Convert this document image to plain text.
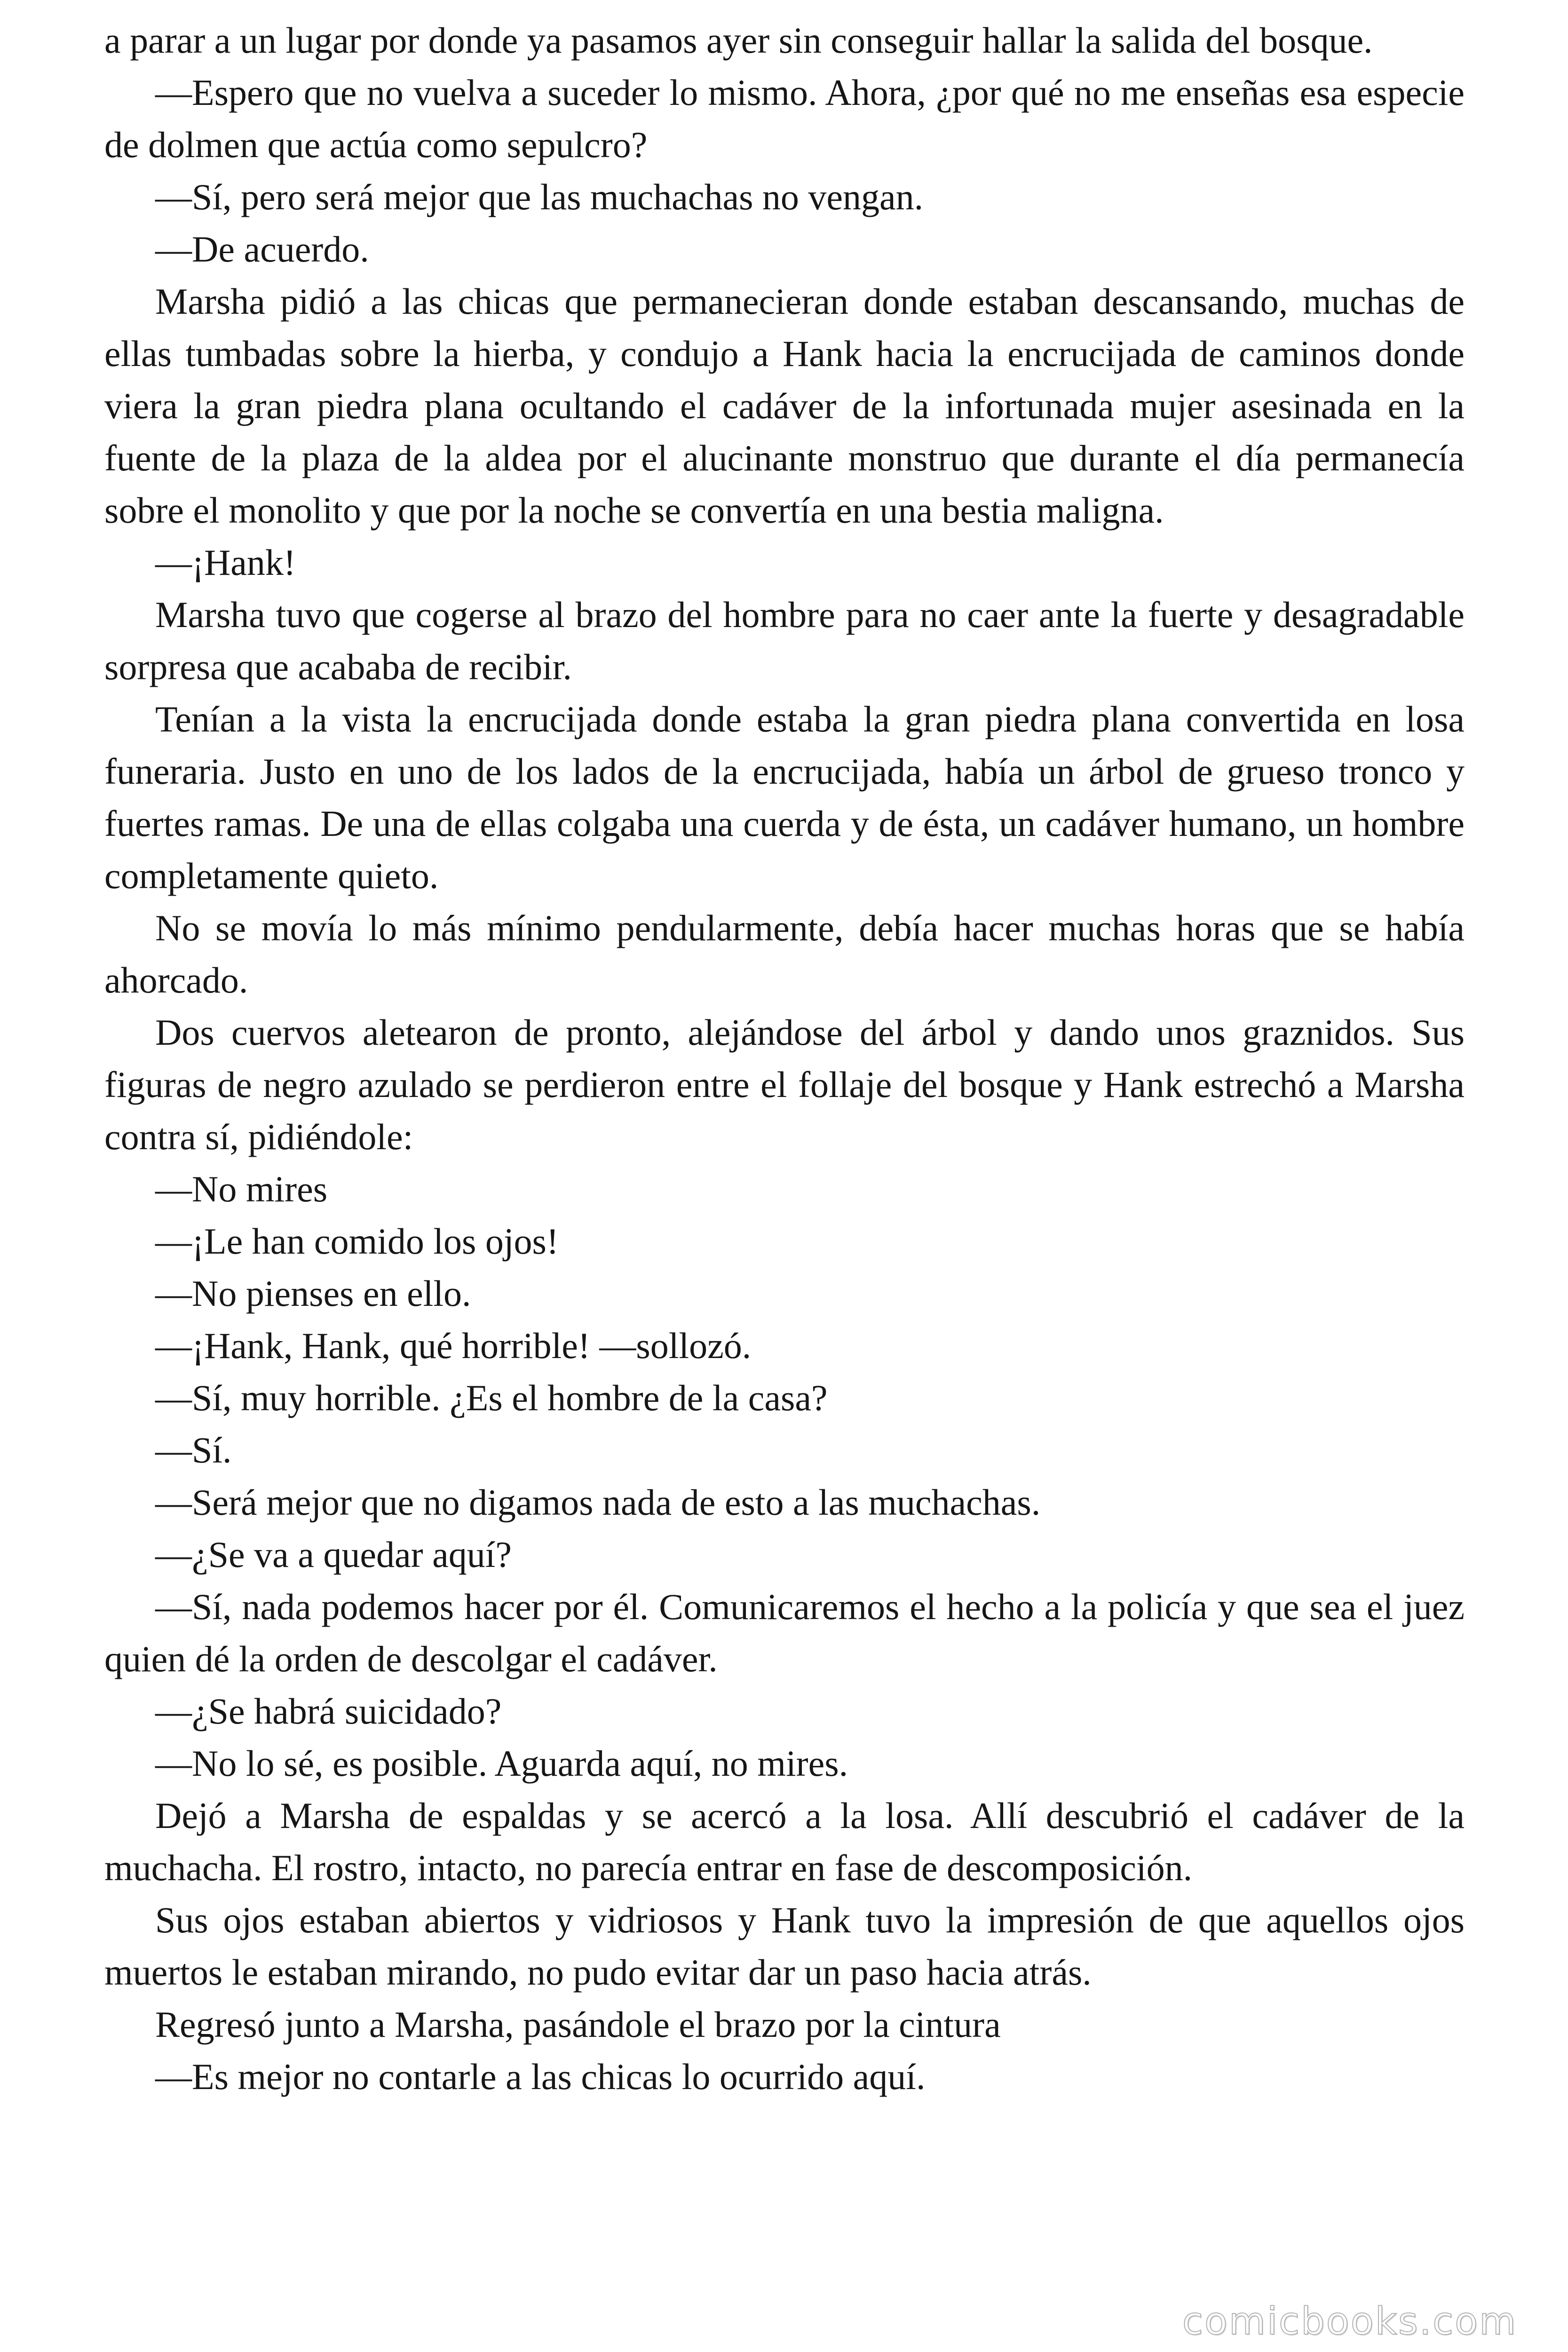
a parar a un lugar por donde ya pasamos ayer sin conseguir hallar la salida del bosque.

—Espero que no vuelva a suceder lo mismo. Ahora, ¿por qué no me enseñas esa especie de dolmen que actúa como sepulcro?

—Sí, pero será mejor que las muchachas no vengan.

—De acuerdo.

Marsha pidió a las chicas que permanecieran donde estaban descansando, muchas de ellas tumbadas sobre la hierba, y condujo a Hank hacia la encrucijada de caminos donde viera la gran piedra plana ocultando el cadáver de la infortunada mujer asesinada en la fuente de la plaza de la aldea por el alucinante monstruo que durante el día permanecía sobre el monolito y que por la noche se convertía en una bestia maligna.

—¡Hank!

Marsha tuvo que cogerse al brazo del hombre para no caer ante la fuerte y desagradable sorpresa que acababa de recibir.

Tenían a la vista la encrucijada donde estaba la gran piedra plana convertida en losa funeraria. Justo en uno de los lados de la encrucijada, había un árbol de grueso tronco y fuertes ramas. De una de ellas colgaba una cuerda y de ésta, un cadáver humano, un hombre completamente quieto.

No se movía lo más mínimo pendularmente, debía hacer muchas horas que se había ahorcado.

Dos cuervos aletearon de pronto, alejándose del árbol y dando unos graznidos. Sus figuras de negro azulado se perdieron entre el follaje del bosque y Hank estrechó a Marsha contra sí, pidiéndole:

—No mires

—¡Le han comido los ojos!

—No pienses en ello.

—¡Hank, Hank, qué horrible! —sollozó.

—Sí, muy horrible. ¿Es el hombre de la casa?

—Sí.

—Será mejor que no digamos nada de esto a las muchachas.

—¿Se va a quedar aquí?

—Sí, nada podemos hacer por él. Comunicaremos el hecho a la policía y que sea el juez quien dé la orden de descolgar el cadáver.

—¿Se habrá suicidado?

—No lo sé, es posible. Aguarda aquí, no mires.

Dejó a Marsha de espaldas y se acercó a la losa. Allí descubrió el cadáver de la muchacha. El rostro, intacto, no parecía entrar en fase de descomposición.

Sus ojos estaban abiertos y vidriosos y Hank tuvo la impresión de que aquellos ojos muertos le estaban mirando, no pudo evitar dar un paso hacia atrás.

Regresó junto a Marsha, pasándole el brazo por la cintura

—Es mejor no contarle a las chicas lo ocurrido aquí.

comicbooks.com
